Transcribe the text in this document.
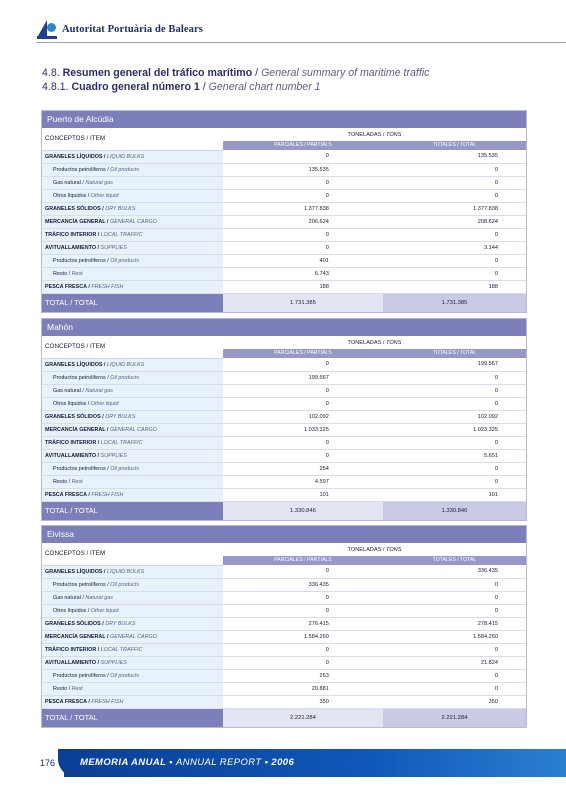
Autoritat Portuària de Balears
4.8. Resumen general del tráfico marítimo / General summary of maritime traffic
4.8.1. Cuadro general número 1 / General chart number 1
Puerto de Alcúdia
CONCEPTOS / ITEM	TONELADAS / TONS	
	PARCIALES / PARTIALS	TOTALES / TOTAL
GRANELES LÍQUIDOS / LIQUID BULKS	0	135.535
Productos petrolíferos / Oil products	135.535	0
Gas natural / Natural gas	0	0
Otros líquidos / Other liquid	0	0
GRANELES SÓLIDOS / DRY BULKS	1.377.838	1.377.838
MERCANCÍA GENERAL / GENERAL CARGO	206.624	208.624
TRÁFICO INTERIOR / LOCAL TRAFFIC	0	0
AVITUALLAMIENTO / SUPPLIES	0	3.144
Productos petrolíferos / Oil products	401	0
Resto / Rest	6.743	0
PESCA FRESCA / FRESH FISH	188	188
TOTAL / TOTAL	1.731.385	1.731.385
Mahón
CONCEPTOS / ITEM	TONELADAS / TONS	
	PARCIALES / PARTIALS	TOTALES / TOTAL
GRANELES LÍQUIDOS / LIQUID BULKS	0	199.567
Productos petrolíferos / Oil products	199.567	0
Gas natural / Natural gas	0	0
Otros líquidos / Other liquid	0	0
GRANELES SÓLIDOS / DRY BULKS	102.092	102.092
MERCANCÍA GENERAL / GENERAL CARGO	1.033.325	1.023.325
TRÁFICO INTERIOR / LOCAL TRAFFIC	0	0
AVITUALLAMIENTO / SUPPLIES	0	5.651
Productos petrolíferos / Oil products	254	0
Resto / Rest	4.597	0
PESCA FRESCA / FRESH FISH	101	101
TOTAL / TOTAL	1.330.846	1.330.846
Eivissa
CONCEPTOS / ITEM	TONELADAS / TONS	
	PARCIALES / PARTIALS	TOTALES / TOTAL
GRANELES LÍQUIDOS / LIQUID BULKS	0	336.435
Productos petrolíferos / Oil products	336.435	0
Gas natural / Natural gas	0	0
Otros líquidos / Other liquid	0	0
GRANELES SÓLIDOS / DRY BULKS	276.415	278.415
MERCANCÍA GENERAL / GENERAL CARGO	1.584.260	1.584.260
TRÁFICO INTERIOR / LOCAL TRAFFIC	0	0
AVITUALLAMIENTO / SUPPLIES	0	21.824
Productos petrolíferos / Oil products	263	0
Resto / Rest	20.881	0
PESCA FRESCA / FRESH FISH	350	350
TOTAL / TOTAL	2.221.284	2.221.284
176	MEMORIA ANUAL • ANNUAL REPORT • 2006
